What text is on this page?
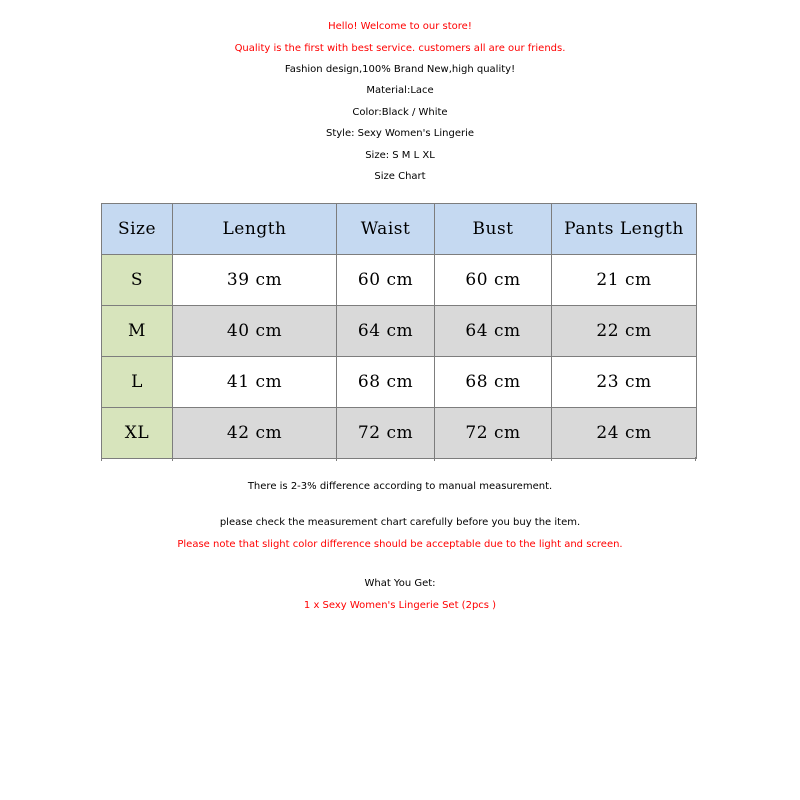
Hello! Welcome to our store!
Quality is the first with best service. customers all are our friends.
Fashion design,100% Brand New,high quality!
Material:Lace
Color:Black / White
Style: Sexy Women's Lingerie
Size: S M L XL
Size Chart
Size	Length	Waist	Bust	Pants Length
S	39 cm	60 cm	60 cm	21 cm
M	40 cm	64 cm	64 cm	22 cm
L	41 cm	68 cm	68 cm	23 cm
XL	42 cm	72 cm	72 cm	24 cm
There is 2-3% difference according to manual measurement.
please check the measurement chart carefully before you buy the item.
Please note that slight color difference should be acceptable due to the light and screen.
What You Get:
1 x Sexy Women's Lingerie Set (2pcs )
